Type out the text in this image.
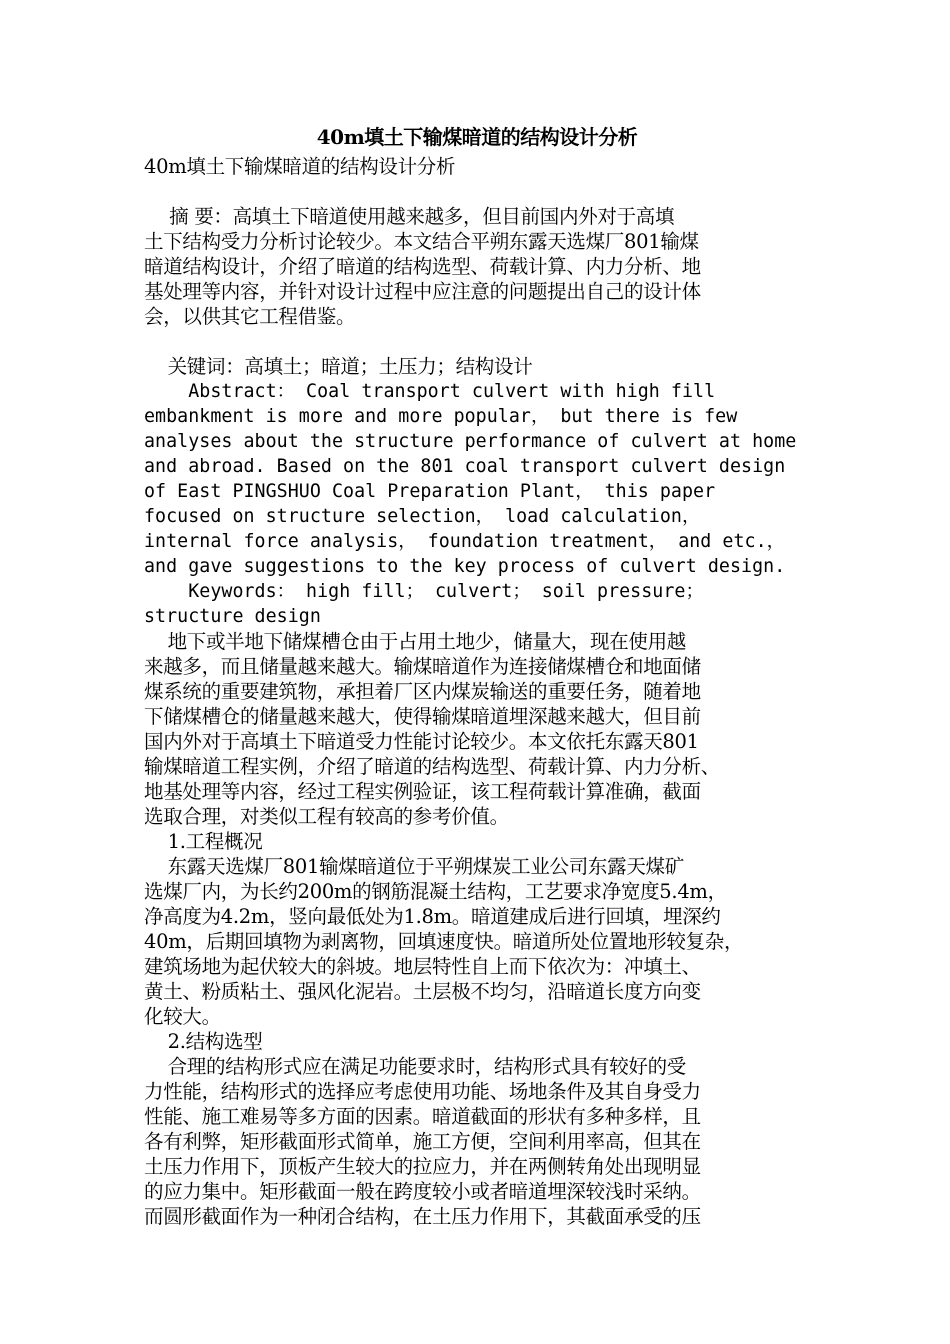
40m填土下输煤暗道的结构设计分析
40m填土下输煤暗道的结构设计分析
　 摘 要：高填土下暗道使用越来越多，但目前国内外对于高填
土下结构受力分析讨论较少。本文结合平朔东露天选煤厂801输煤
暗道结构设计，介绍了暗道的结构选型、荷载计算、内力分析、地
基处理等内容，并针对设计过程中应注意的问题提出自己的设计体
会，以供其它工程借鉴。
关键词：高填土；暗道；土压力；结构设计
Abstract： Coal transport culvert with high fill
embankment is more and more popular， but there is few
analyses about the structure performance of culvert at home
and abroad. Based on the 801 coal transport culvert design
of East PINGSHUO Coal Preparation Plant， this paper
focused on structure selection， load calculation，
internal force analysis， foundation treatment， and etc.，
and gave suggestions to the key process of culvert design.
Keywords： high fill； culvert； soil pressure；
structure design
地下或半地下储煤槽仓由于占用土地少，储量大，现在使用越
来越多，而且储量越来越大。输煤暗道作为连接储煤槽仓和地面储
煤系统的重要建筑物，承担着厂区内煤炭输送的重要任务，随着地
下储煤槽仓的储量越来越大，使得输煤暗道埋深越来越大，但目前
国内外对于高填土下暗道受力性能讨论较少。本文依托东露天801
输煤暗道工程实例，介绍了暗道的结构选型、荷载计算、内力分析、
地基处理等内容，经过工程实例验证，该工程荷载计算准确，截面
选取合理，对类似工程有较高的参考价值。
1.工程概况
东露天选煤厂801输煤暗道位于平朔煤炭工业公司东露天煤矿
选煤厂内，为长约200m的钢筋混凝土结构，工艺要求净宽度5.4m，
净高度为4.2m，竖向最低处为1.8m。暗道建成后进行回填，埋深约
40m，后期回填物为剥离物，回填速度快。暗道所处位置地形较复杂，
建筑场地为起伏较大的斜坡。地层特性自上而下依次为：冲填土、
黄土、粉质粘土、强风化泥岩。土层极不均匀，沿暗道长度方向变
化较大。
2.结构选型
合理的结构形式应在满足功能要求时，结构形式具有较好的受
力性能，结构形式的选择应考虑使用功能、场地条件及其自身受力
性能、施工难易等多方面的因素。暗道截面的形状有多种多样，且
各有利弊，矩形截面形式简单，施工方便，空间利用率高，但其在
土压力作用下，顶板产生较大的拉应力，并在两侧转角处出现明显
的应力集中。矩形截面一般在跨度较小或者暗道埋深较浅时采纳。
而圆形截面作为一种闭合结构，在土压力作用下，其截面承受的压
